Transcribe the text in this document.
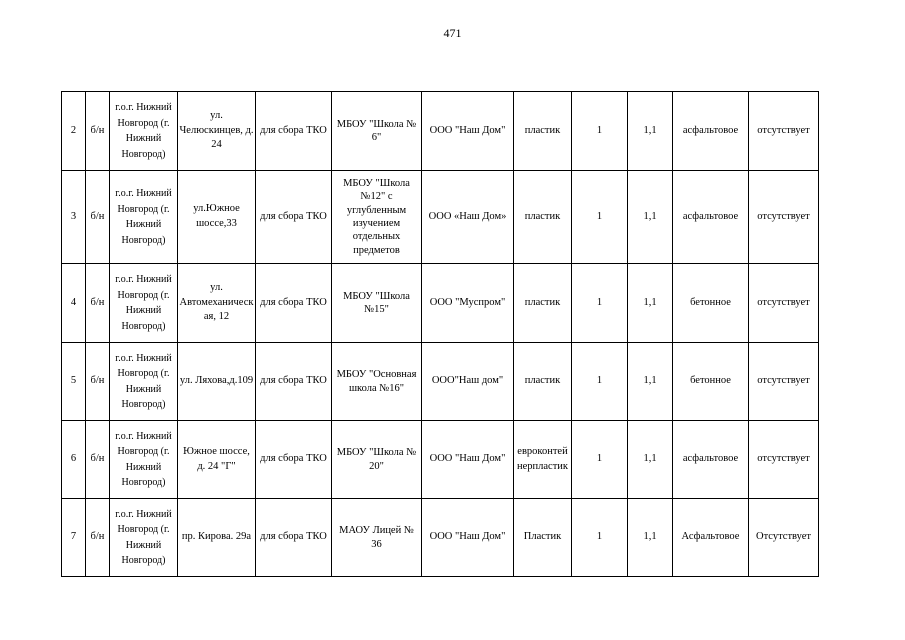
471
2	б/н	г.о.г. Нижний Новгород (г. Нижний Новгород)	ул. Челюскинцев, д. 24	для сбора ТКО	МБОУ "Школа № 6"	ООО "Наш Дом"	пластик	1	1,1	асфальтовое	отсутствует
3	б/н	г.о.г. Нижний Новгород (г. Нижний Новгород)	ул.Южное шоссе,33	для сбора ТКО	МБОУ "Школа №12" с углубленным изучением отдельных предметов	ООО «Наш Дом»	пластик	1	1,1	асфальтовое	отсутствует
4	б/н	г.о.г. Нижний Новгород (г. Нижний Новгород)	ул. Автомеханическая, 12	для сбора ТКО	МБОУ "Школа №15"	ООО "Муспром"	пластик	1	1,1	бетонное	отсутствует
5	б/н	г.о.г. Нижний Новгород (г. Нижний Новгород)	ул. Ляхова,д.109	для сбора ТКО	МБОУ "Основная школа №16"	ООО"Наш дом"	пластик	1	1,1	бетонное	отсутствует
6	б/н	г.о.г. Нижний Новгород (г. Нижний Новгород)	Южное шоссе, д. 24 "Г"	для сбора ТКО	МБОУ "Школа № 20"	ООО "Наш Дом"	евроконтейнерпластик	1	1,1	асфальтовое	отсутствует
7	б/н	г.о.г. Нижний Новгород (г. Нижний Новгород)	пр. Кирова. 29а	для сбора ТКО	МАОУ Лицей № 36	ООО "Наш Дом"	Пластик	1	1,1	Асфальтовое	Отсутствует
